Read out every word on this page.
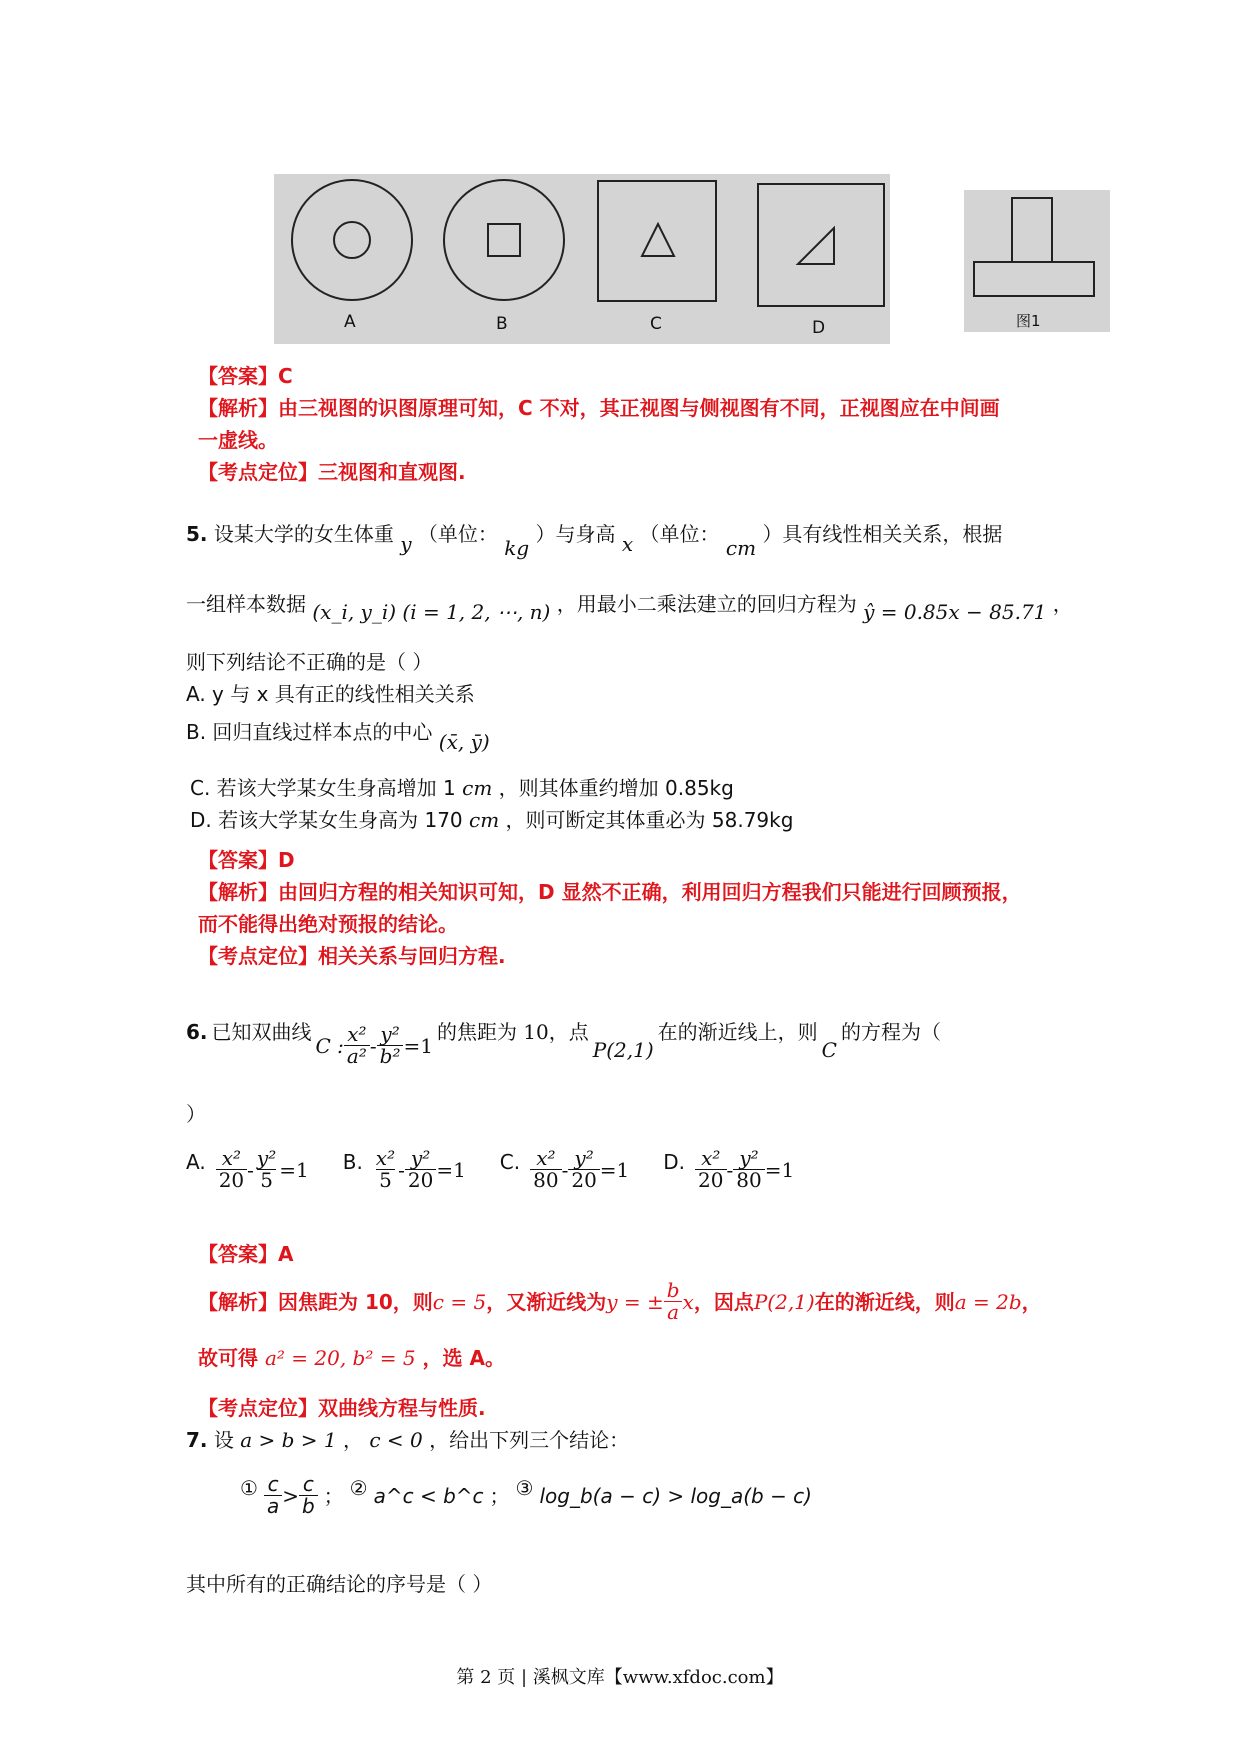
A	B	C	D	图1
【答案】C
【解析】由三视图的识图原理可知，C 不对，其正视图与侧视图有不同，正视图应在中间画
一虚线。
【考点定位】三视图和直观图.
5. 设某大学的女生体重 y （单位： kg ）与身高 x （单位： cm ）具有线性相关关系，根据
一组样本数据 (x_i, y_i) (i = 1, 2, ⋯, n) ，用最小二乘法建立的回归方程为 ŷ = 0.85x − 85.71 ，
则下列结论不正确的是（ ）
A. y 与 x 具有正的线性相关关系
B. 回归直线过样本点的中心 (x̄, ȳ)
C. 若该大学某女生身高增加 1 cm ，则其体重约增加 0.85kg
D. 若该大学某女生身高为 170 cm ，则可断定其体重必为 58.79kg
【答案】D
【解析】由回归方程的相关知识可知，D 显然不正确，利用回归方程我们只能进行回顾预报，
而不能得出绝对预报的结论。
【考点定位】相关关系与回归方程.
6. 已知双曲线
C : $\frac{\text{x²}}{\text{a²}} - \frac{\text{y²}}{\text{b²}} =1$
的焦距为 10，点
P(2,1)
在的渐近线上，则
C
的方程为（
）
A. $\frac{\text{x²}}{20} - \frac{\text{y²}}{5} =1$ B. $\frac{\text{x²}}{5} - \frac{\text{y²}}{20} =1$ C. $\frac{\text{x²}}{80} - \frac{\text{y²}}{20} =1$ D. $\frac{\text{x²}}{20} - \frac{\text{y²}}{80} =1$
【答案】A
【解析】因焦距为 10，则 c = 5 ，又渐近线为 y = ± $\frac{b}{a}$ x ，因点 P(2,1) 在的渐近线，则 a = 2b ，
故可得 a² = 20, b² = 5 ，选 A。
【考点定位】双曲线方程与性质.
7. 设 a > b > 1 ， c < 0 ，给出下列三个结论：
① $\frac{c}{a} > \frac{c}{b}$ ； ② a^c < b^c ； ③ log_b(a − c) > log_a(b − c)
其中所有的正确结论的序号是（ ）
第 2 页 | 溪枫文库【www.xfdoc.com】
